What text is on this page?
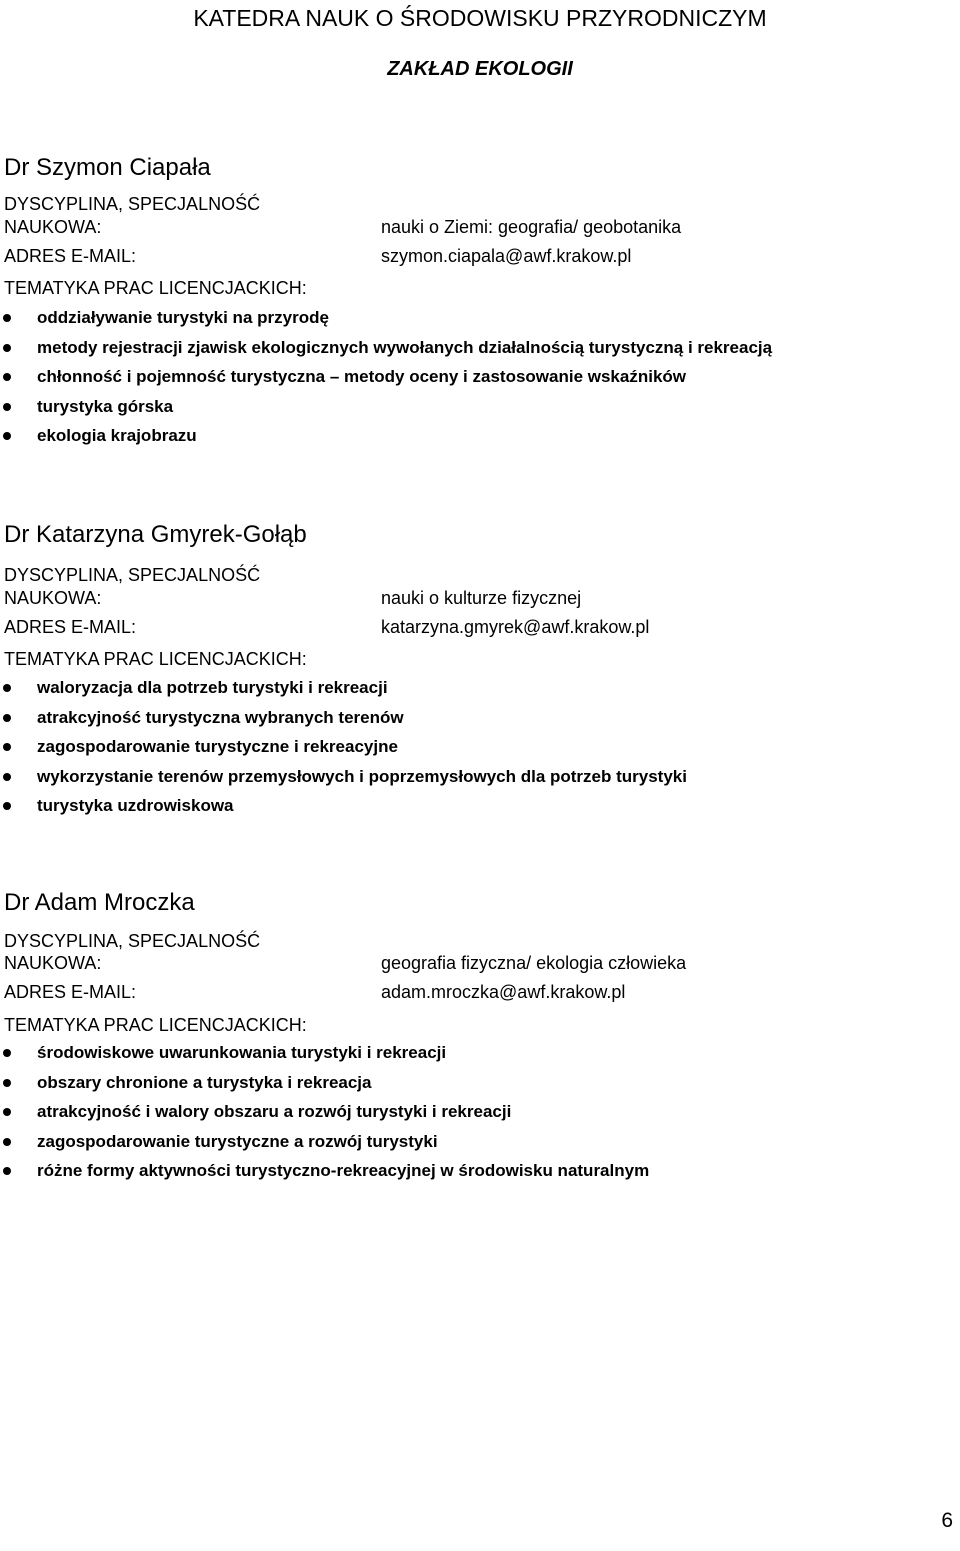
KATEDRA NAUK O ŚRODOWISKU PRZYRODNICZYM
ZAKŁAD EKOLOGII
Dr Szymon Ciapała
DYSCYPLINA, SPECJALNOŚĆ
NAUKOWA:	nauki o Ziemi: geografia/ geobotanika
ADRES E-MAIL:	szymon.ciapala@awf.krakow.pl
TEMATYKA PRAC LICENCJACKICH:
oddziaływanie turystyki na przyrodę
metody rejestracji zjawisk ekologicznych wywołanych działalnością turystyczną i rekreacją
chłonność i pojemność turystyczna – metody oceny i zastosowanie wskaźników
turystyka górska
ekologia krajobrazu
Dr Katarzyna Gmyrek-Gołąb
DYSCYPLINA, SPECJALNOŚĆ
NAUKOWA:	nauki o kulturze fizycznej
ADRES E-MAIL:	katarzyna.gmyrek@awf.krakow.pl
TEMATYKA PRAC LICENCJACKICH:
waloryzacja dla potrzeb turystyki i rekreacji
atrakcyjność turystyczna wybranych terenów
zagospodarowanie turystyczne i rekreacyjne
wykorzystanie terenów przemysłowych i poprzemysłowych dla potrzeb turystyki
turystyka uzdrowiskowa
Dr Adam Mroczka
DYSCYPLINA, SPECJALNOŚĆ
NAUKOWA:	geografia fizyczna/ ekologia człowieka
ADRES E-MAIL:	adam.mroczka@awf.krakow.pl
TEMATYKA PRAC LICENCJACKICH:
środowiskowe uwarunkowania turystyki i rekreacji
obszary chronione a turystyka i rekreacja
atrakcyjność i walory obszaru a rozwój turystyki i rekreacji
zagospodarowanie turystyczne a rozwój turystyki
różne formy aktywności turystyczno-rekreacyjnej w środowisku naturalnym
6
